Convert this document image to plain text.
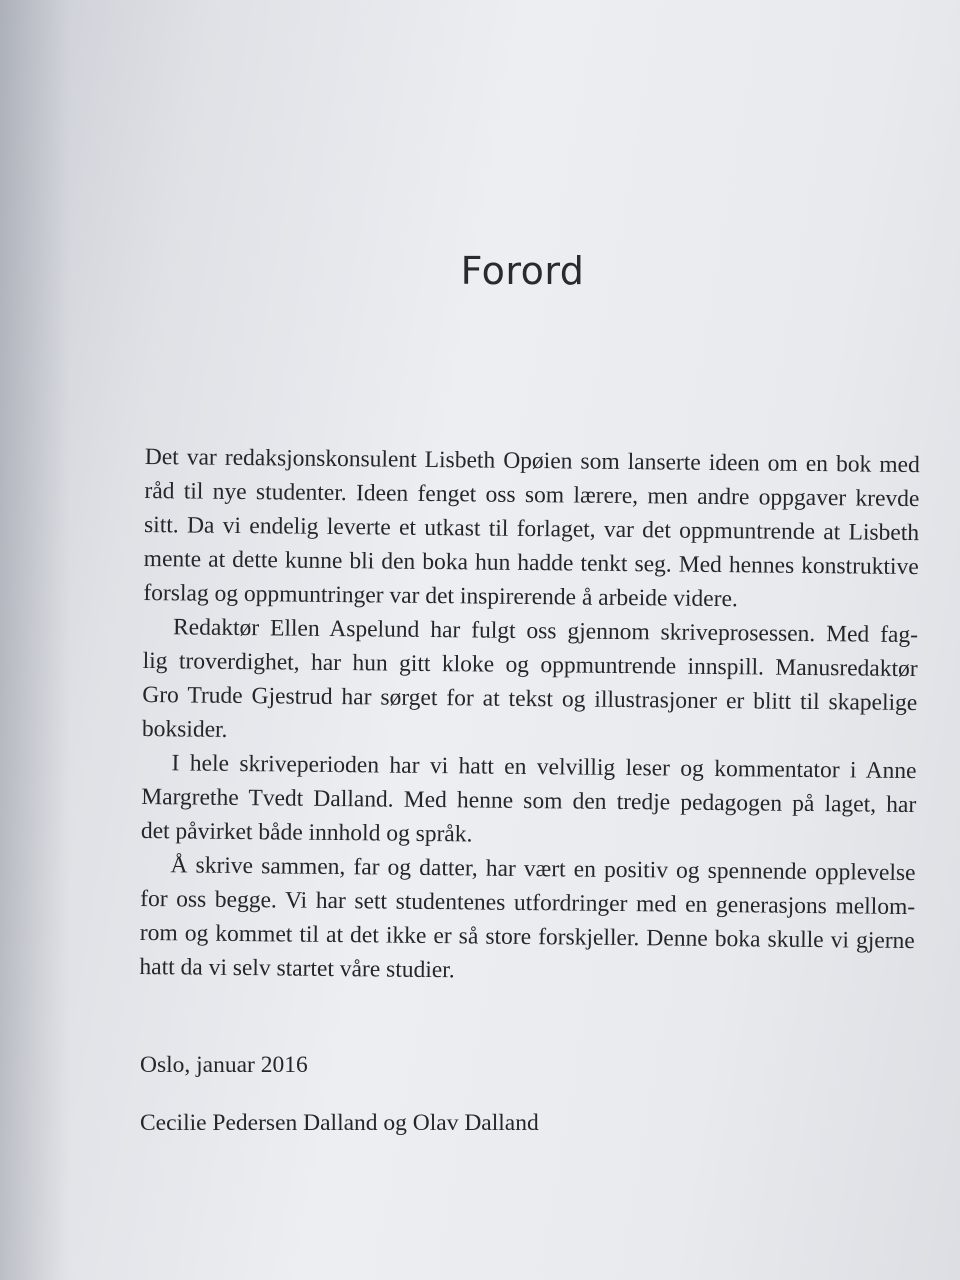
Forord

Det var redaksjonskonsulent Lisbeth Opøien som lanserte ideen om en bok med
råd til nye studenter. Ideen fenget oss som lærere, men andre oppgaver krevde
sitt. Da vi endelig leverte et utkast til forlaget, var det oppmuntrende at Lisbeth
mente at dette kunne bli den boka hun hadde tenkt seg. Med hennes konstruktive
forslag og oppmuntringer var det inspirerende å arbeide videre.

Redaktør Ellen Aspelund har fulgt oss gjennom skriveprosessen. Med fag-
lig troverdighet, har hun gitt kloke og oppmuntrende innspill. Manusredaktør
Gro Trude Gjestrud har sørget for at tekst og illustrasjoner er blitt til skapelige
boksider.

I hele skriveperioden har vi hatt en velvillig leser og kommentator i Anne
Margrethe Tvedt Dalland. Med henne som den tredje pedagogen på laget, har
det påvirket både innhold og språk.

Å skrive sammen, far og datter, har vært en positiv og spennende opplevelse
for oss begge. Vi har sett studentenes utfordringer med en generasjons mellom-
rom og kommet til at det ikke er så store forskjeller. Denne boka skulle vi gjerne
hatt da vi selv startet våre studier.

Oslo, januar 2016
Cecilie Pedersen Dalland og Olav Dalland
